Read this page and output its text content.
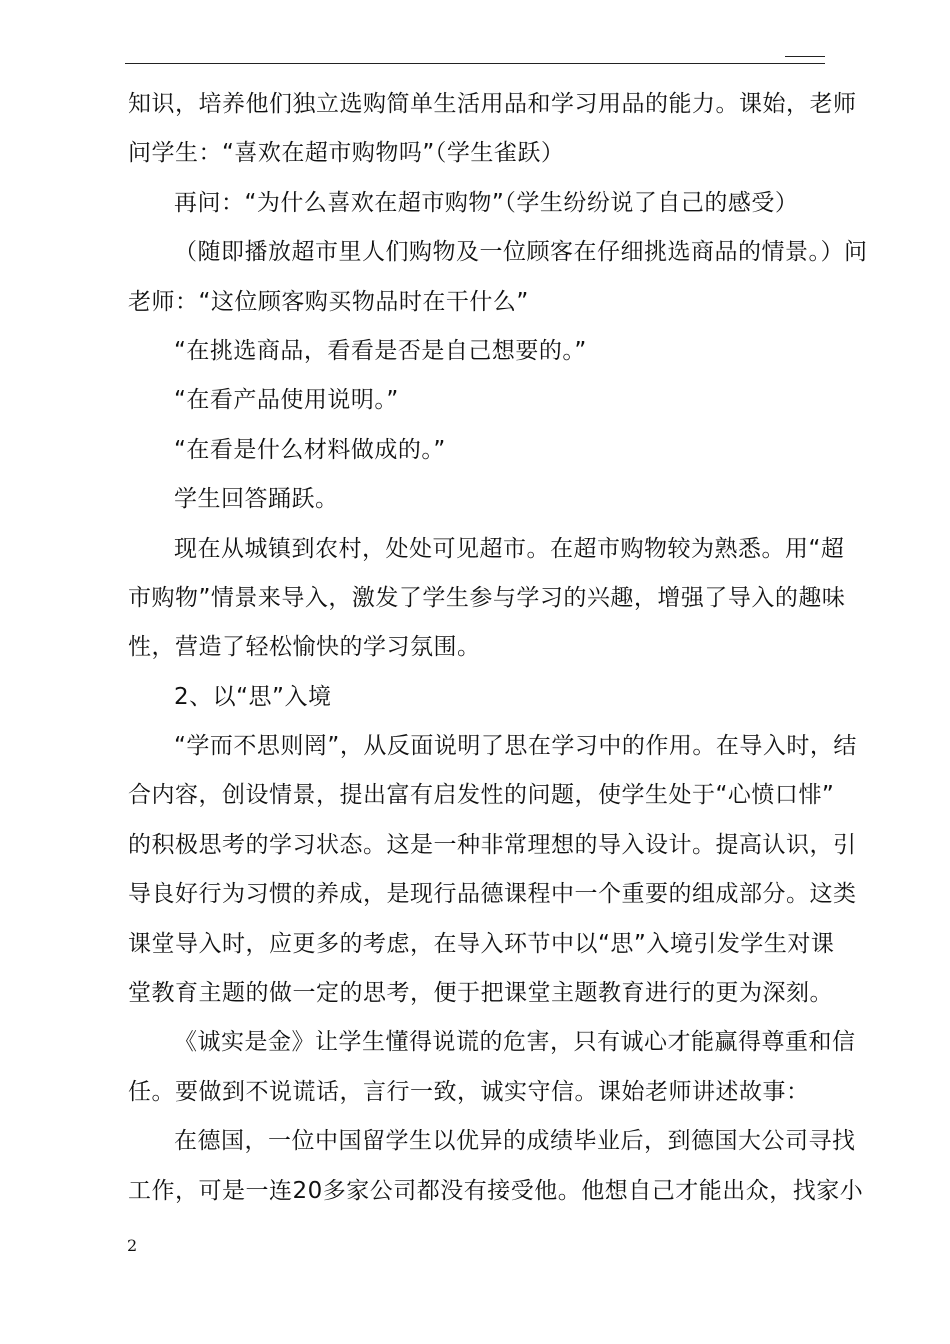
知识，培养他们独立选购简单生活用品和学习用品的能力。课始，老师
问学生：“喜欢在超市购物吗”（学生雀跃）
再问：“为什么喜欢在超市购物”（学生纷纷说了自己的感受）
（随即播放超市里人们购物及一位顾客在仔细挑选商品的情景。）问
老师：“这位顾客购买物品时在干什么”
“在挑选商品，看看是否是自己想要的。”
“在看产品使用说明。”
“在看是什么材料做成的。”
学生回答踊跃。
现在从城镇到农村，处处可见超市。在超市购物较为熟悉。用“超
市购物”情景来导入，激发了学生参与学习的兴趣，增强了导入的趣味
性，营造了轻松愉快的学习氛围。
2、以“思”入境
“学而不思则罔”，从反面说明了思在学习中的作用。在导入时，结
合内容，创设情景，提出富有启发性的问题，使学生处于“心愤口悱”
的积极思考的学习状态。这是一种非常理想的导入设计。提高认识，引
导良好行为习惯的养成，是现行品德课程中一个重要的组成部分。这类
课堂导入时，应更多的考虑，在导入环节中以“思”入境引发学生对课
堂教育主题的做一定的思考，便于把课堂主题教育进行的更为深刻。
《诚实是金》让学生懂得说谎的危害，只有诚心才能赢得尊重和信
任。要做到不说谎话，言行一致，诚实守信。课始老师讲述故事：
在德国，一位中国留学生以优异的成绩毕业后，到德国大公司寻找
工作，可是一连20多家公司都没有接受他。他想自己才能出众，找家小
2
